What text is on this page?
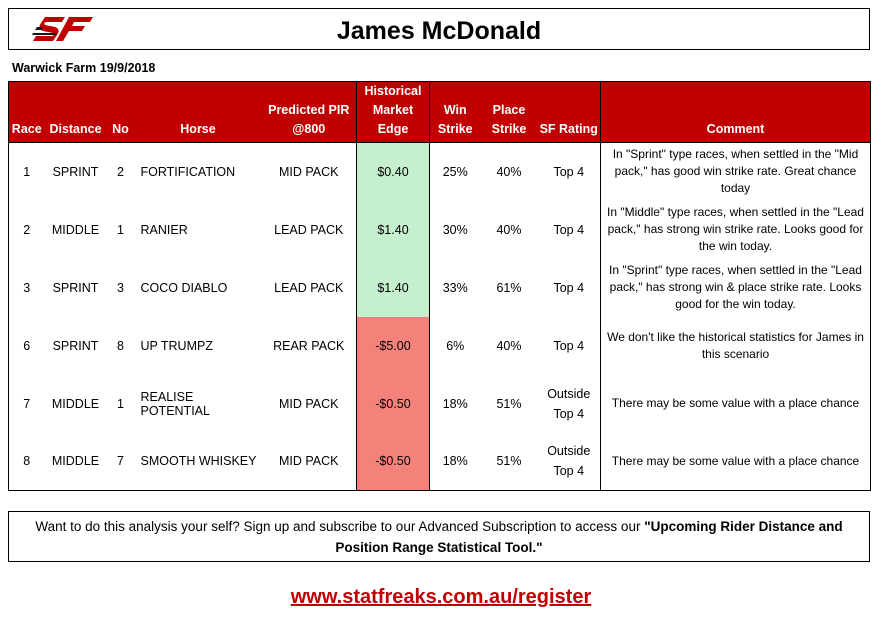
James McDonald
Warwick Farm 19/9/2018
Race	Distance	No	Horse	Predicted PIR @800	Historical Market Edge	Win Strike	Place Strike	SF Rating	Comment
1	SPRINT	2	FORTIFICATION	MID PACK	$0.40	25%	40%	Top 4	In "Sprint" type races, when settled in the "Mid pack," has good win strike rate. Great chance today
2	MIDDLE	1	RANIER	LEAD PACK	$1.40	30%	40%	Top 4	In "Middle" type races, when settled in the "Lead pack," has strong win strike rate. Looks good for the win today.
3	SPRINT	3	COCO DIABLO	LEAD PACK	$1.40	33%	61%	Top 4	In "Sprint" type races, when settled in the "Lead pack," has strong win & place strike rate. Looks good for the win today.
6	SPRINT	8	UP TRUMPZ	REAR PACK	-$5.00	6%	40%	Top 4	We don't like the historical statistics for James in this scenario
7	MIDDLE	1	REALISE POTENTIAL	MID PACK	-$0.50	18%	51%	Outside Top 4	There may be some value with a place chance
8	MIDDLE	7	SMOOTH WHISKEY	MID PACK	-$0.50	18%	51%	Outside Top 4	There may be some value with a place chance
Want to do this analysis your self? Sign up and subscribe to our Advanced Subscription to access our "Upcoming Rider Distance and Position Range Statistical Tool."
www.statfreaks.com.au/register
